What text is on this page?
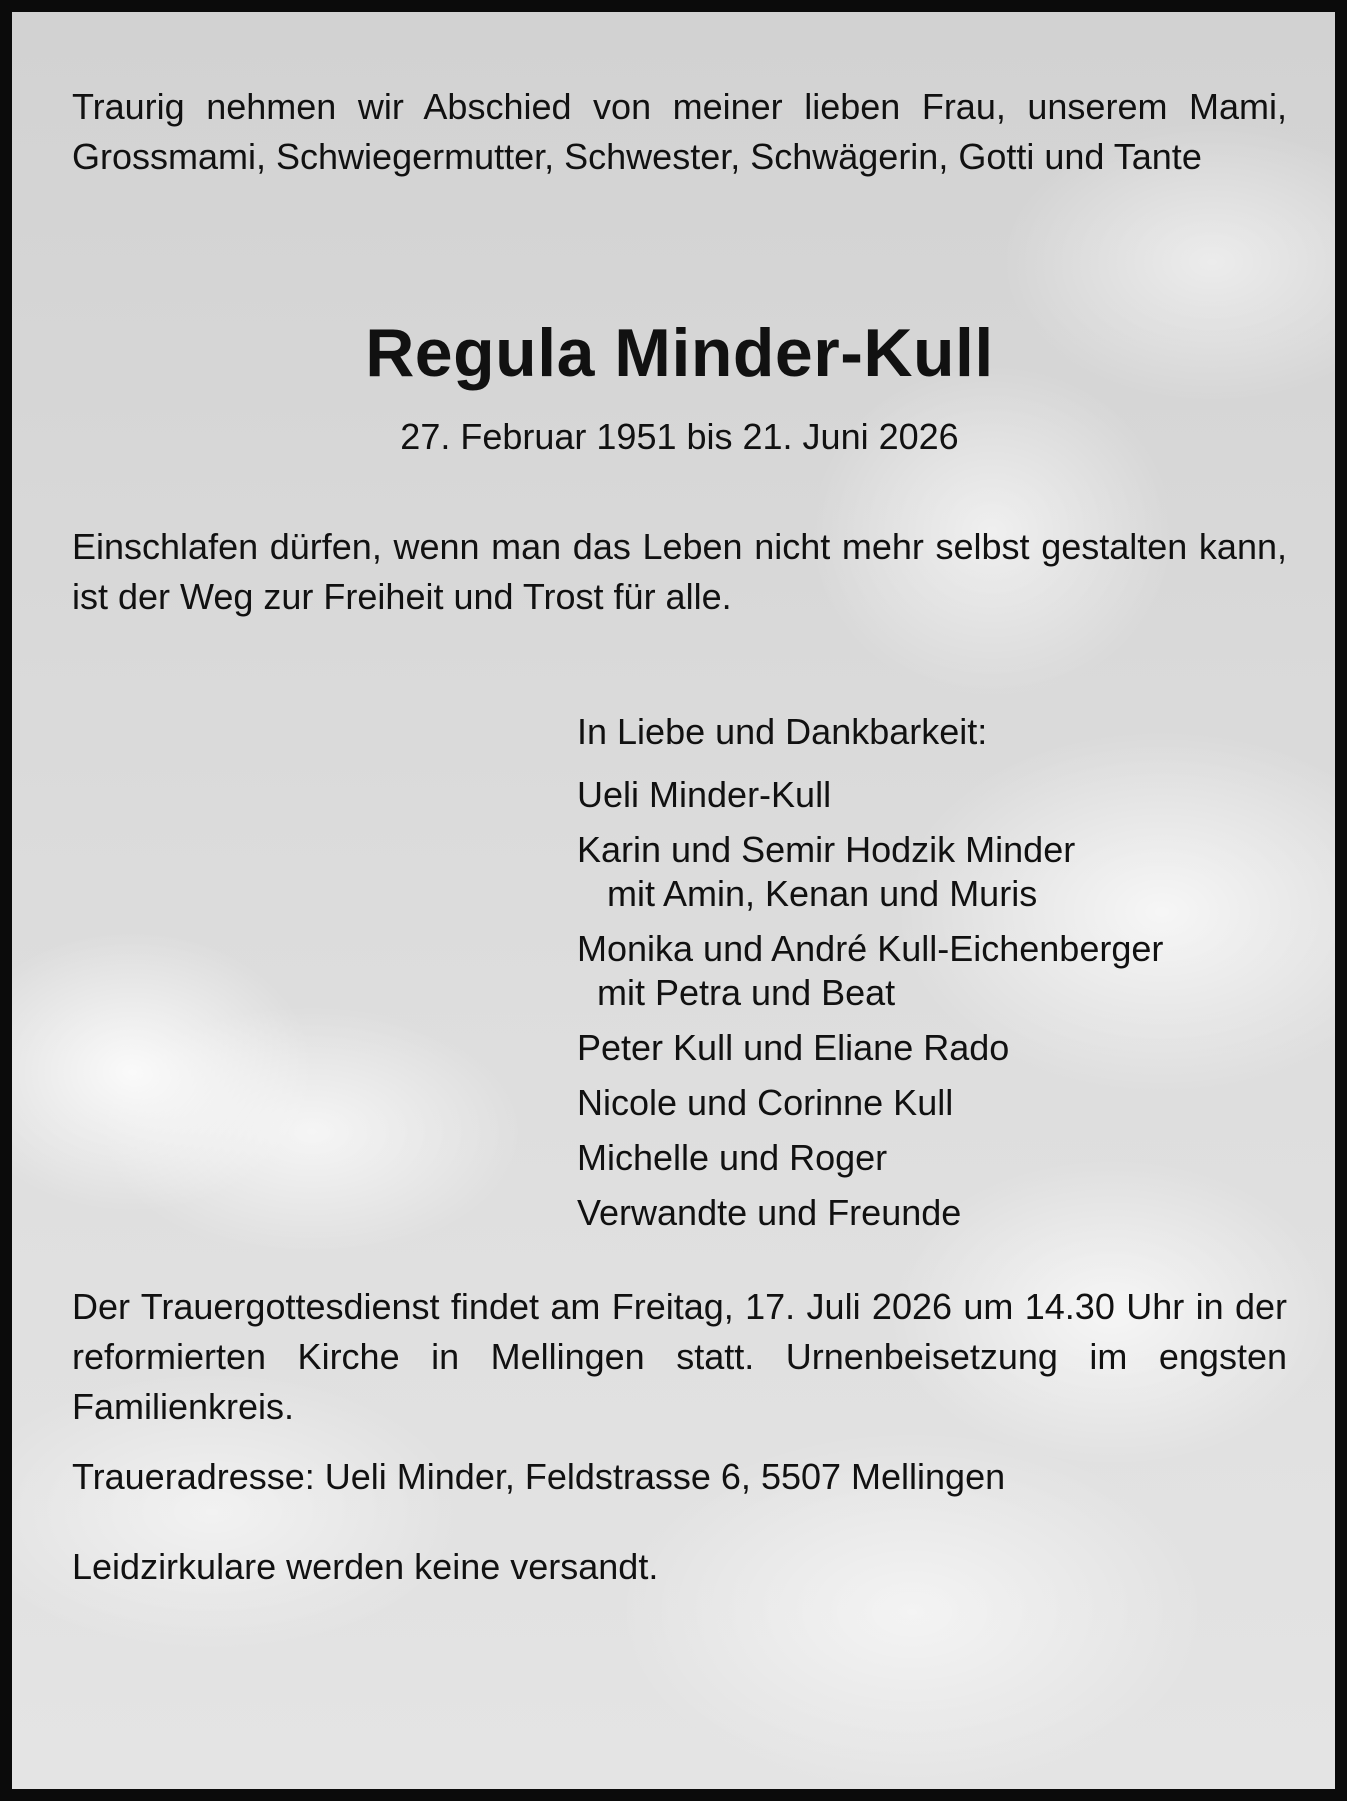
Traurig nehmen wir Abschied von meiner lieben Frau, unserem Mami, Grossmami, Schwiegermutter, Schwester, Schwägerin, Gotti und Tante

Regula Minder-Kull

27. Februar 1951 bis 21. Juni 2026

Einschlafen dürfen, wenn man das Leben nicht mehr selbst gestalten kann, ist der Weg zur Freiheit und Trost für alle.

In Liebe und Dankbarkeit:

Ueli Minder-Kull
Karin und Semir Hodzik Minder
mit Amin, Kenan und Muris
Monika und André Kull-Eichenberger
mit Petra und Beat
Peter Kull und Eliane Rado
Nicole und Corinne Kull
Michelle und Roger
Verwandte und Freunde

Der Trauergottesdienst findet am Freitag, 17. Juli 2026 um 14.30 Uhr in der reformierten Kirche in Mellingen statt. Urnenbeisetzung im engsten Familienkreis.

Traueradresse: Ueli Minder, Feldstrasse 6, 5507 Mellingen

Leidzirkulare werden keine versandt.
